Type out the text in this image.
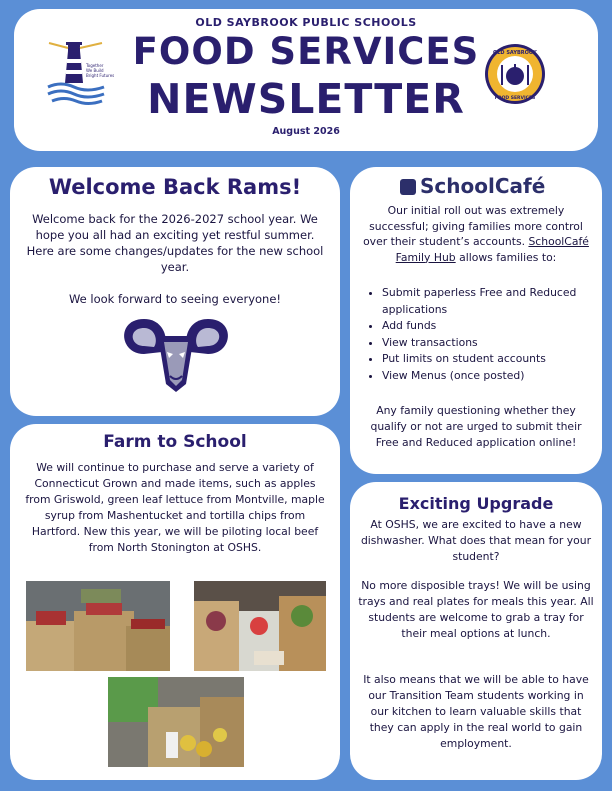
OLD SAYBROOK PUBLIC SCHOOLS
FOOD SERVICES
NEWSLETTER
August 2026
Together
We Build
Bright Futures
OLD SAYBROOK
FOOD SERVICES
Welcome Back Rams!
Welcome back for the 2026-2027 school year. We hope you all had an exciting yet restful summer. Here are some changes/updates for the new school year.

We look forward to seeing everyone!
SchoolCafé
Our initial roll out was extremely successful; giving families more control over their student’s accounts. SchoolCafé Family Hub allows families to:
• Submit paperless Free and Reduced applications
• Add funds
• View transactions
• Put limits on student accounts
• View Menus (once posted)
Any family questioning whether they qualify or not are urged to submit their Free and Reduced application online!
Farm to School
We will continue to purchase and serve a variety of Connecticut Grown and made items, such as apples from Griswold, green leaf lettuce from Montville, maple syrup from Mashentucket and tortilla chips from Hartford. New this year, we will be piloting local beef from North Stonington at OSHS.
Exciting Upgrade
At OSHS, we are excited to have a new dishwasher. What does that mean for your student?
No more disposible trays! We will be using trays and real plates for meals this year. All students are welcome to grab a tray for their meal options at lunch.
It also means that we will be able to have our Transition Team students working in our kitchen to learn valuable skills that they can apply in the real world to gain employment.
